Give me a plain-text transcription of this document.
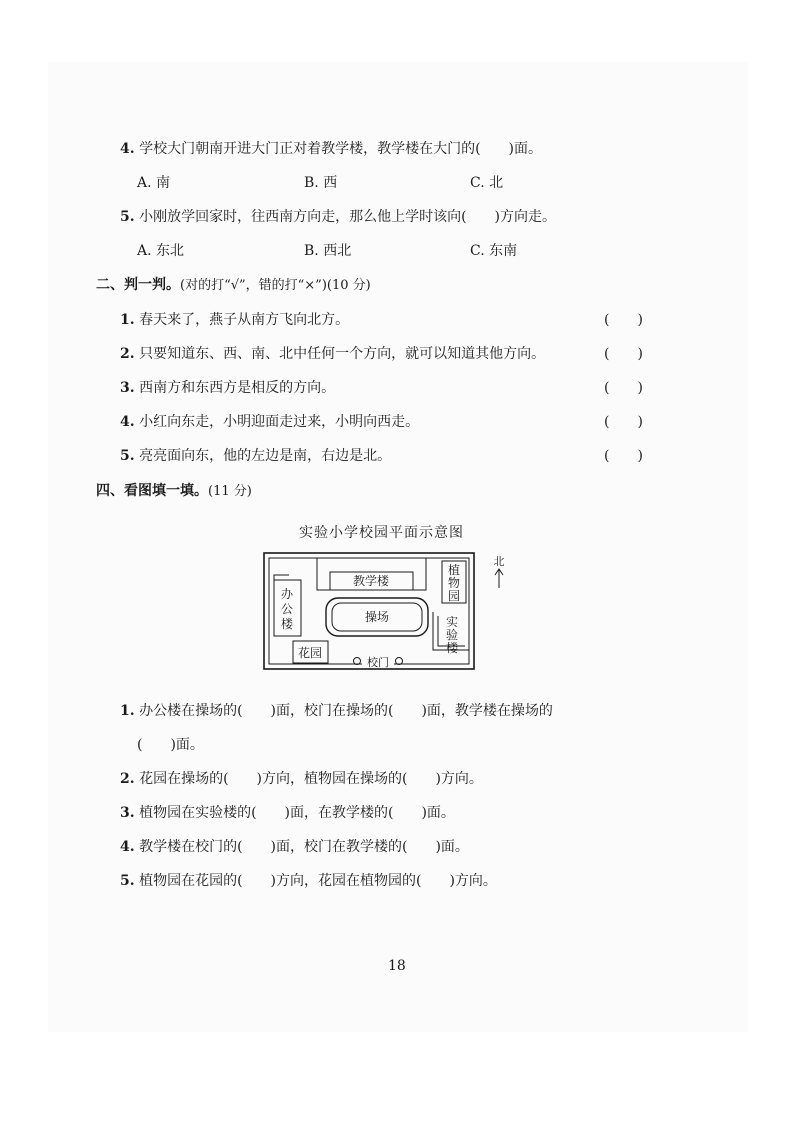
4. 学校大门朝南开进大门正对着教学楼，教学楼在大门的(　　)面。
A. 南	B. 西	C. 北
5. 小刚放学回家时，往西南方向走，那么他上学时该向(　　)方向走。
A. 东北	B. 西北	C. 东南
二、判一判。(对的打“√”，错的打“×”)(10 分)
1. 春天来了，燕子从南方飞向北方。	(　　)
2. 只要知道东、西、南、北中任何一个方向，就可以知道其他方向。	(　　)
3. 西南方和东西方是相反的方向。	(　　)
4. 小红向东走，小明迎面走过来，小明向西走。	(　　)
5. 亮亮面向东，他的左边是南，右边是北。	(　　)
四、看图填一填。(11 分)
实验小学校园平面示意图
教学楼
植
物
园
办
公
楼	操场	实
验
楼
花园
校门
北
1. 办公楼在操场的(　　)面，校门在操场的(　　)面，教学楼在操场的
(　　)面。
2. 花园在操场的(　　)方向，植物园在操场的(　　)方向。
3. 植物园在实验楼的(　　)面，在教学楼的(　　)面。
4. 教学楼在校门的(　　)面，校门在教学楼的(　　)面。
5. 植物园在花园的(　　)方向，花园在植物园的(　　)方向。
18
